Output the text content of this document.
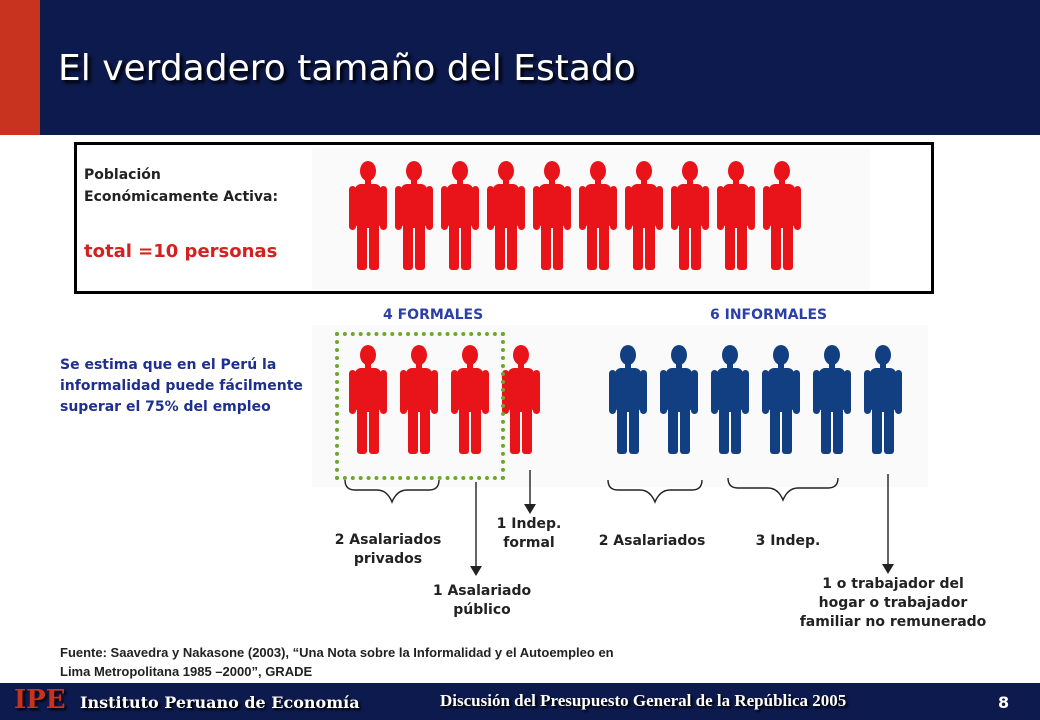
El verdadero tamaño del Estado
Población Económicamente Activa:
total =10 personas
4 FORMALES	6 INFORMALES
Se estima que en el Perú la informalidad puede fácilmente superar el 75% del empleo
2 Asalariados privados
1 Asalariado público
1 Indep. formal	2 Asalariados	3 Indep.
1 o trabajador del hogar o trabajador familiar no remunerado
Fuente: Saavedra y Nakasone (2003), “Una Nota sobre la Informalidad y el Autoempleo en Lima Metropolitana 1985 –2000”, GRADE
IPE Instituto Peruano de Economía	Discusión del Presupuesto General de la República 2005	8
